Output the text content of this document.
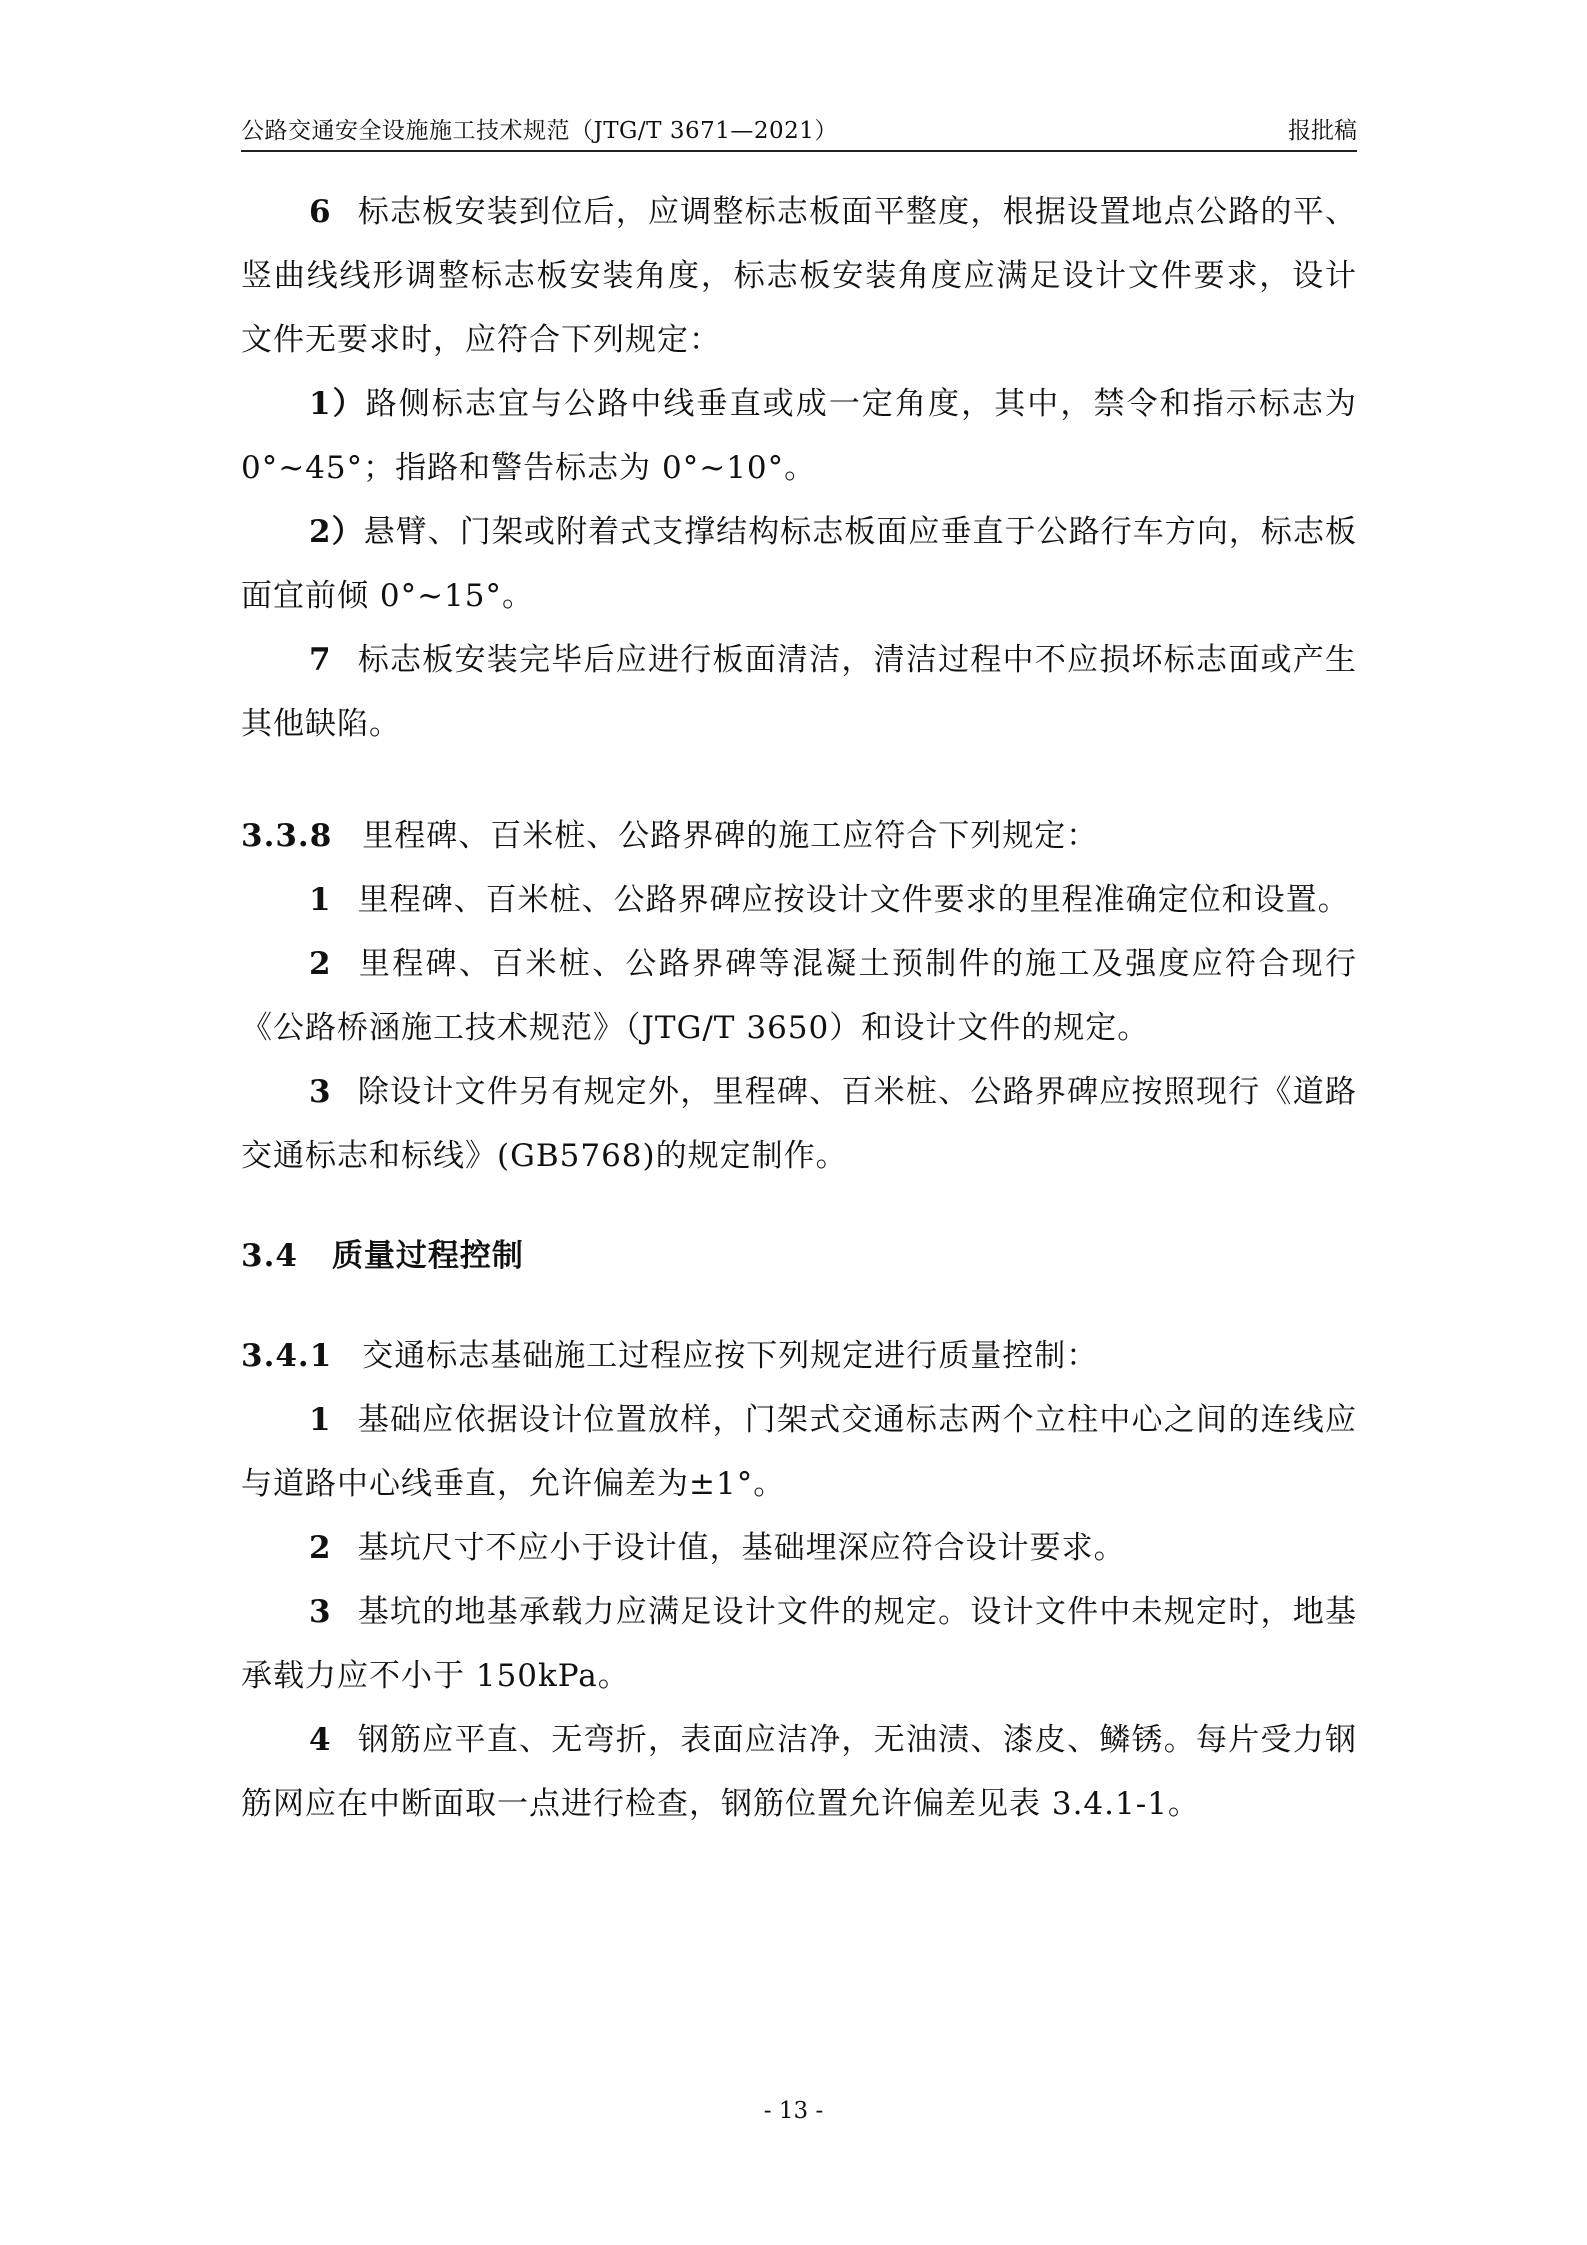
公路交通安全设施施工技术规范（JTG/T 3671—2021）	报批稿

6 标志板安装到位后，应调整标志板面平整度，根据设置地点公路的平、竖曲线线形调整标志板安装角度，标志板安装角度应满足设计文件要求，设计文件无要求时，应符合下列规定：

1）路侧标志宜与公路中线垂直或成一定角度，其中，禁令和指示标志为0°~45°；指路和警告标志为 0°~10°。

2）悬臂、门架或附着式支撑结构标志板面应垂直于公路行车方向，标志板面宜前倾 0°~15°。

7 标志板安装完毕后应进行板面清洁，清洁过程中不应损坏标志面或产生其他缺陷。

3.3.8 里程碑、百米桩、公路界碑的施工应符合下列规定：

1 里程碑、百米桩、公路界碑应按设计文件要求的里程准确定位和设置。

2 里程碑、百米桩、公路界碑等混凝土预制件的施工及强度应符合现行《公路桥涵施工技术规范》（JTG/T 3650）和设计文件的规定。

3 除设计文件另有规定外，里程碑、百米桩、公路界碑应按照现行《道路交通标志和标线》(GB5768)的规定制作。

3.4 质量过程控制

3.4.1 交通标志基础施工过程应按下列规定进行质量控制：

1 基础应依据设计位置放样，门架式交通标志两个立柱中心之间的连线应与道路中心线垂直，允许偏差为±1°。

2 基坑尺寸不应小于设计值，基础埋深应符合设计要求。

3 基坑的地基承载力应满足设计文件的规定。设计文件中未规定时，地基承载力应不小于 150kPa。

4 钢筋应平直、无弯折，表面应洁净，无油渍、漆皮、鳞锈。每片受力钢筋网应在中断面取一点进行检查，钢筋位置允许偏差见表 3.4.1-1。

- 13 -
